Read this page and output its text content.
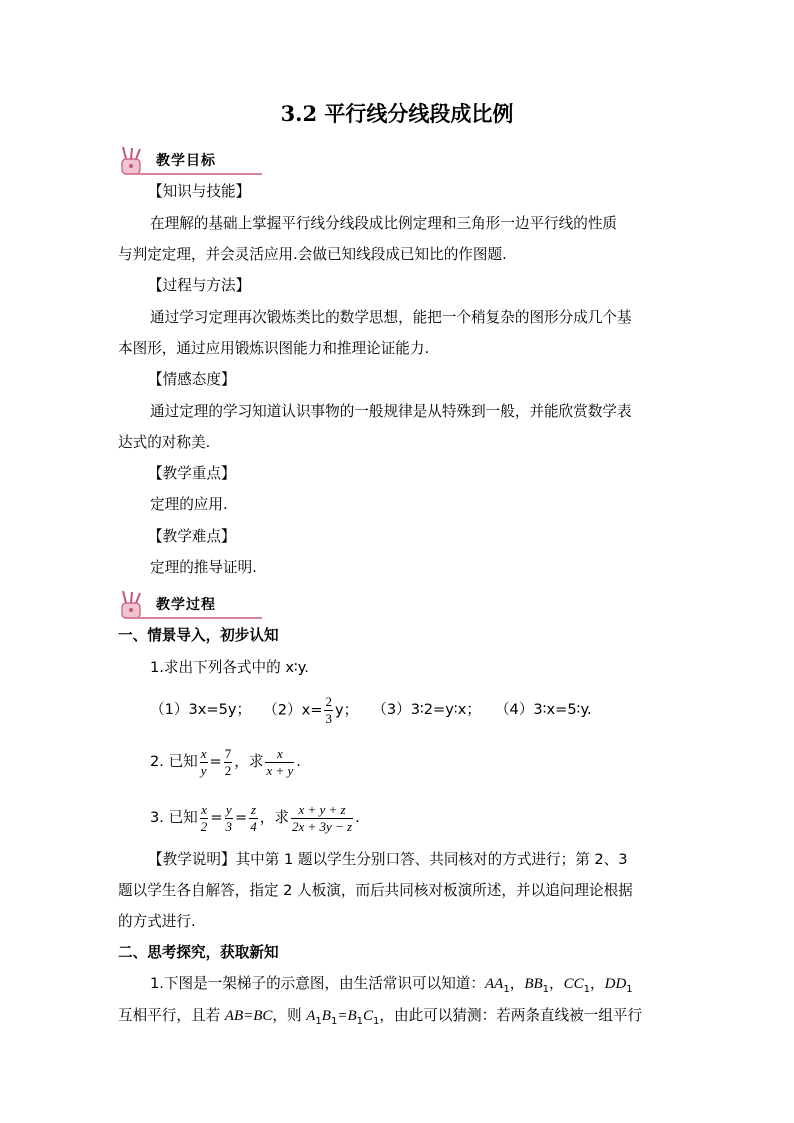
3.2 平行线分线段成比例
教学目标
【知识与技能】
在理解的基础上掌握平行线分线段成比例定理和三角形一边平行线的性质
与判定定理，并会灵活应用.会做已知线段成已知比的作图题.
【过程与方法】
通过学习定理再次锻炼类比的数学思想，能把一个稍复杂的图形分成几个基
本图形，通过应用锻炼识图能力和推理论证能力.
【情感态度】
通过定理的学习知道认识事物的一般规律是从特殊到一般，并能欣赏数学表
达式的对称美.
【教学重点】
定理的应用.
【教学难点】
定理的推导证明.
教学过程
一、情景导入，初步认知
1.求出下列各式中的 x∶y.
（1）3x=5y； $(2)x= \frac{2}{3}$ y； （3）3∶2=y∶x； （4）3∶x=5∶y.
2. 已知 $\frac{x}{y} = \frac{7}{2}$ ，求 $\frac{x}{x + y}$ .
3. 已知 $\frac{x}{2} = \frac{y}{3} = \frac{z}{4}$ ，求 $\frac{x + y + z}{2x + 3y - z}$ .
【教学说明】其中第 1 题以学生分别口答、共同核对的方式进行；第 2、3
题以学生各自解答，指定 2 人板演，而后共同核对板演所述，并以追问理论根据
的方式进行.
二、思考探究，获取新知
1.下图是一架梯子的示意图，由生活常识可以知道：$AA_1$，$BB_1$，$CC_1$，$DD_1$
互相平行，且若 AB=BC，则 $A_1B_1=B_1C_1$，由此可以猜测：若两条直线被一组平行
